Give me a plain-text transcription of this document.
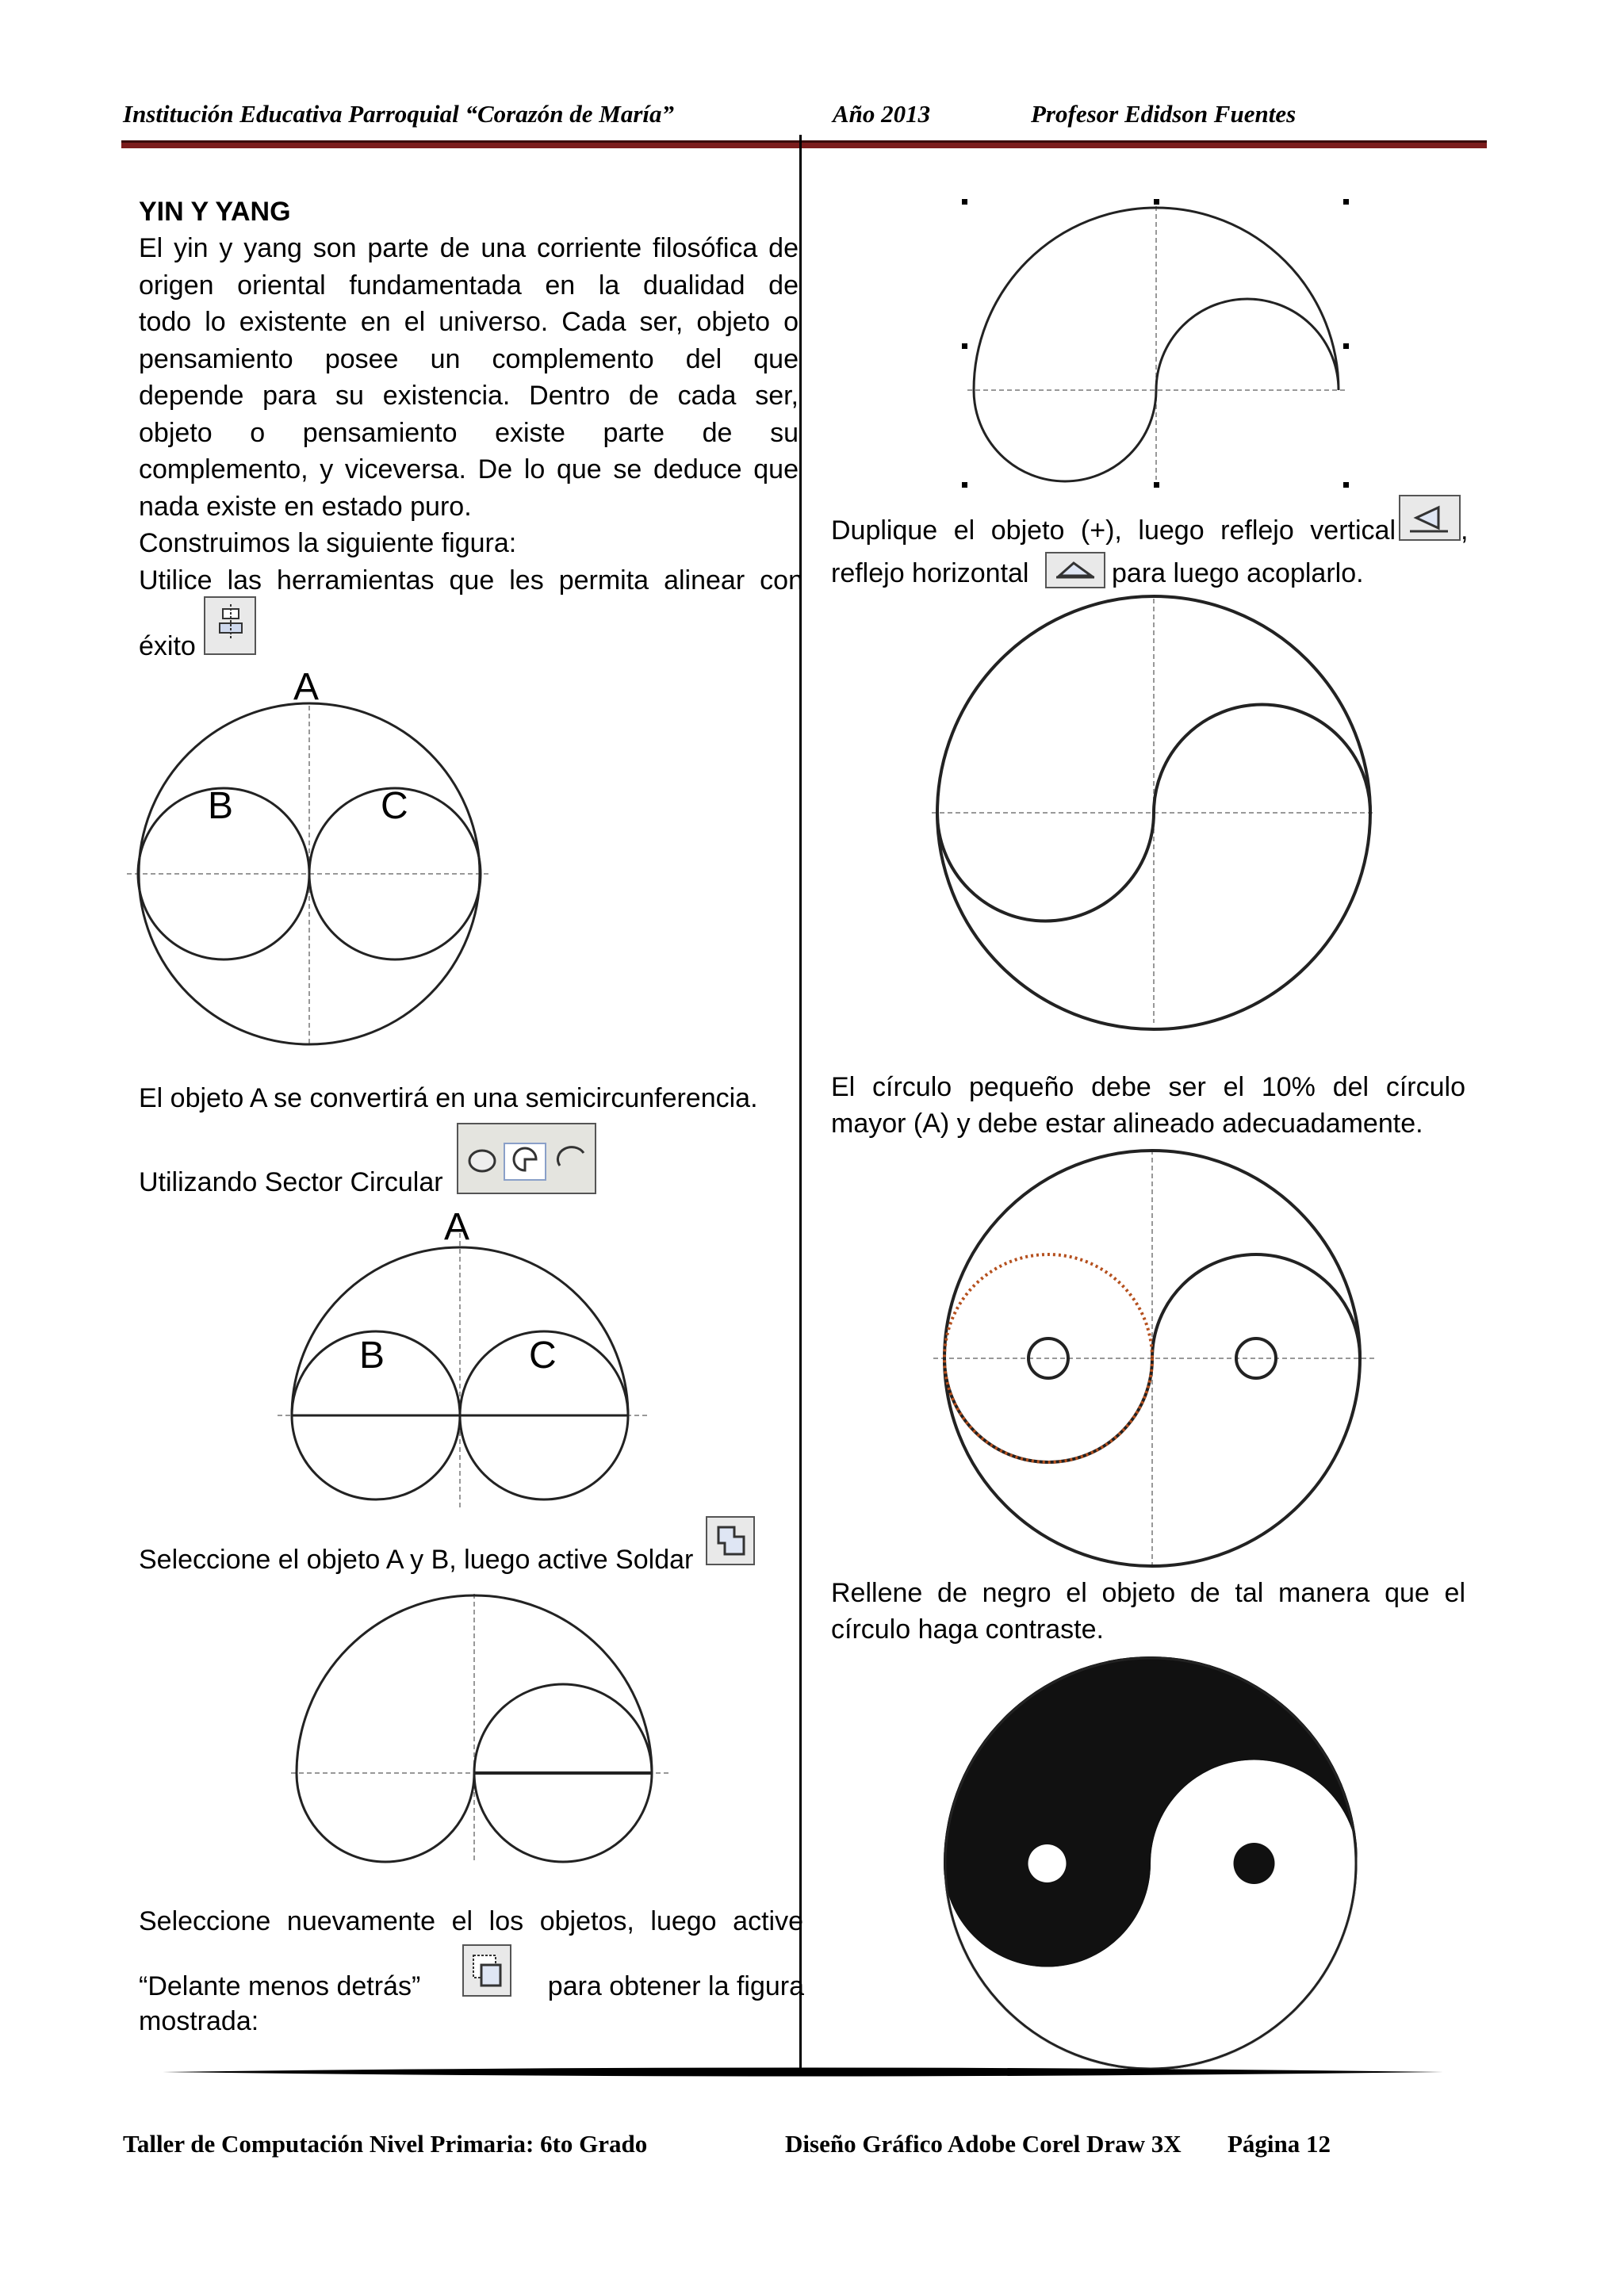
Institución Educativa Parroquial “Corazón de María”	Año 2013	Profesor Edidson Fuentes
YIN Y YANG
El yin y yang son parte de una corriente filosófica de
origen oriental fundamentada en la dualidad de
todo lo existente en el universo. Cada ser, objeto o
pensamiento posee un complemento del que
depende para su existencia. Dentro de cada ser,
objeto o pensamiento existe parte de su
complemento, y viceversa. De lo que se deduce que
nada existe en estado puro.
Construimos la siguiente figura:
Utilice las herramientas que les permita alinear con
éxito
A
B	C
El objeto A se convertirá en una semicircunferencia.
Utilizando Sector Circular
A
B	C
Seleccione el objeto A y B, luego active Soldar
Seleccione nuevamente el los objetos, luego active
“Delante menos detrás”	para obtener la figura
mostrada:
Duplique el objeto (+), luego reflejo vertical ,
reflejo horizontal	para luego acoplarlo.
El círculo pequeño debe ser el 10% del círculo
mayor (A) y debe estar alineado adecuadamente.
Rellene de negro el objeto de tal manera que el
círculo haga contraste.
Taller de Computación Nivel Primaria: 6to Grado	Diseño Gráfico Adobe Corel Draw 3X Página 12
